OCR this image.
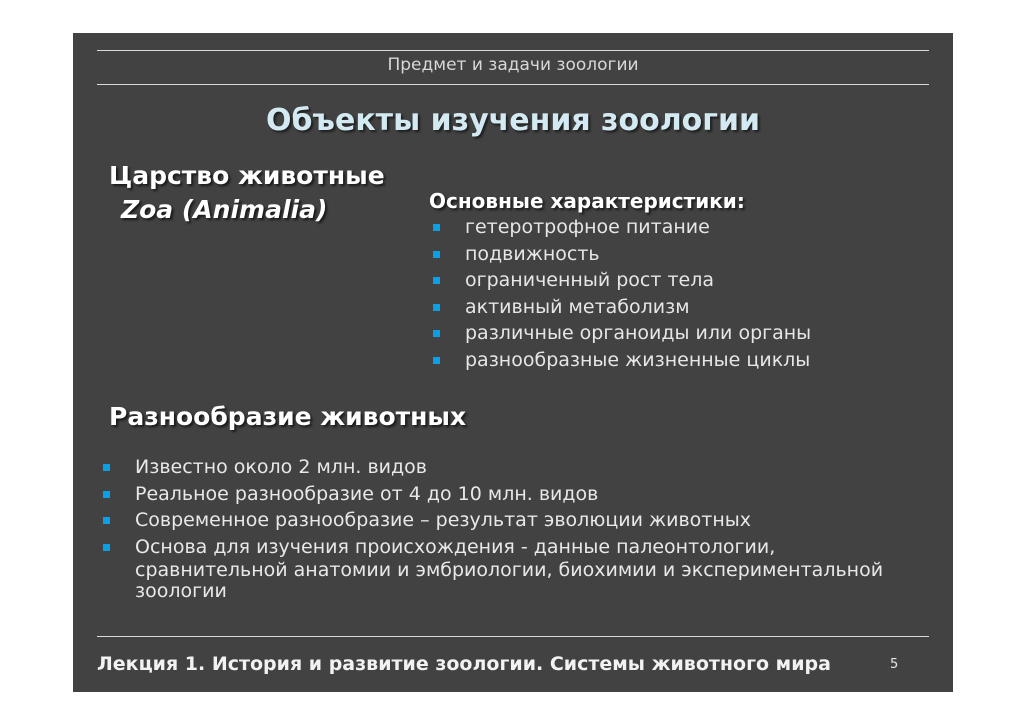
Предмет и задачи зоологии
Объекты изучения зоологии
Царство животные
Zoa (Animalia)	Основные характеристики:
гетеротрофное питание
подвижность
ограниченный рост тела
активный метаболизм
различные органоиды или органы
разнообразные жизненные циклы
Разнообразие животных
Известно около 2 млн. видов
Реальное разнообразие от 4 до 10 млн. видов
Современное разнообразие – результат эволюции животных
Основа для изучения происхождения - данные палеонтологии,
сравнительной анатомии и эмбриологии, биохимии и экспериментальной
зоологии
Лекция 1. История и развитие зоологии. Системы животного мира	5
